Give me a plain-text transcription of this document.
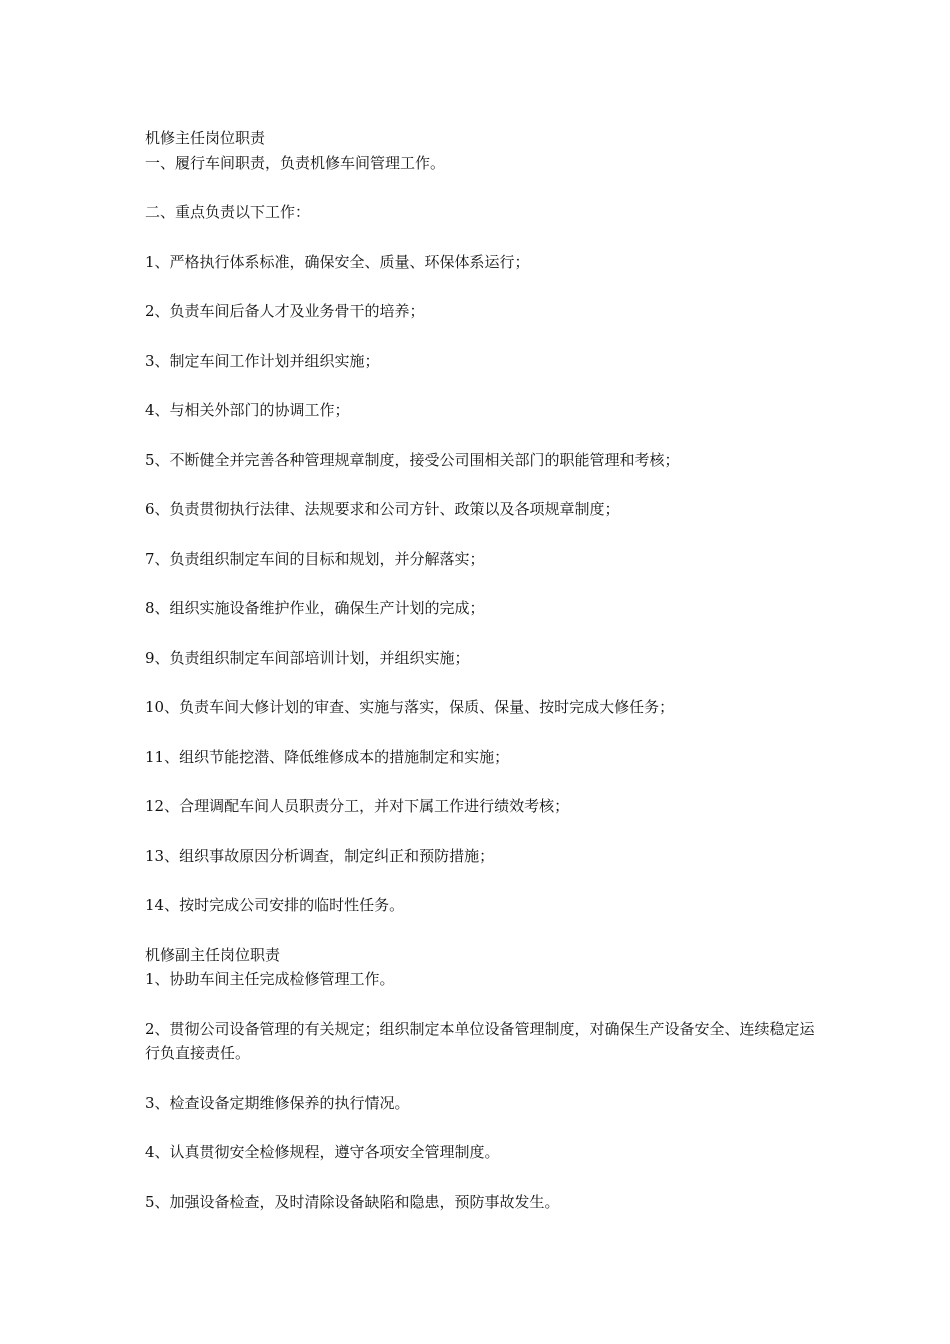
机修主任岗位职责

一、履行车间职责，负责机修车间管理工作。

二、重点负责以下工作：

1、严格执行体系标准，确保安全、质量、环保体系运行；

2、负责车间后备人才及业务骨干的培养；

3、制定车间工作计划并组织实施；

4、与相关外部门的协调工作；

5、不断健全并完善各种管理规章制度，接受公司围相关部门的职能管理和考核；

6、负责贯彻执行法律、法规要求和公司方针、政策以及各项规章制度；

7、负责组织制定车间的目标和规划，并分解落实；

8、组织实施设备维护作业，确保生产计划的完成；

9、负责组织制定车间部培训计划，并组织实施；

10、负责车间大修计划的审查、实施与落实，保质、保量、按时完成大修任务；

11、组织节能挖潜、降低维修成本的措施制定和实施；

12、合理调配车间人员职责分工，并对下属工作进行绩效考核；

13、组织事故原因分析调查，制定纠正和预防措施；

14、按时完成公司安排的临时性任务。

机修副主任岗位职责

1、协助车间主任完成检修管理工作。

2、贯彻公司设备管理的有关规定；组织制定本单位设备管理制度，对确保生产设备安全、连续稳定运行负直接责任。

3、检查设备定期维修保养的执行情况。

4、认真贯彻安全检修规程，遵守各项安全管理制度。

5、加强设备检查，及时清除设备缺陷和隐患，预防事故发生。
